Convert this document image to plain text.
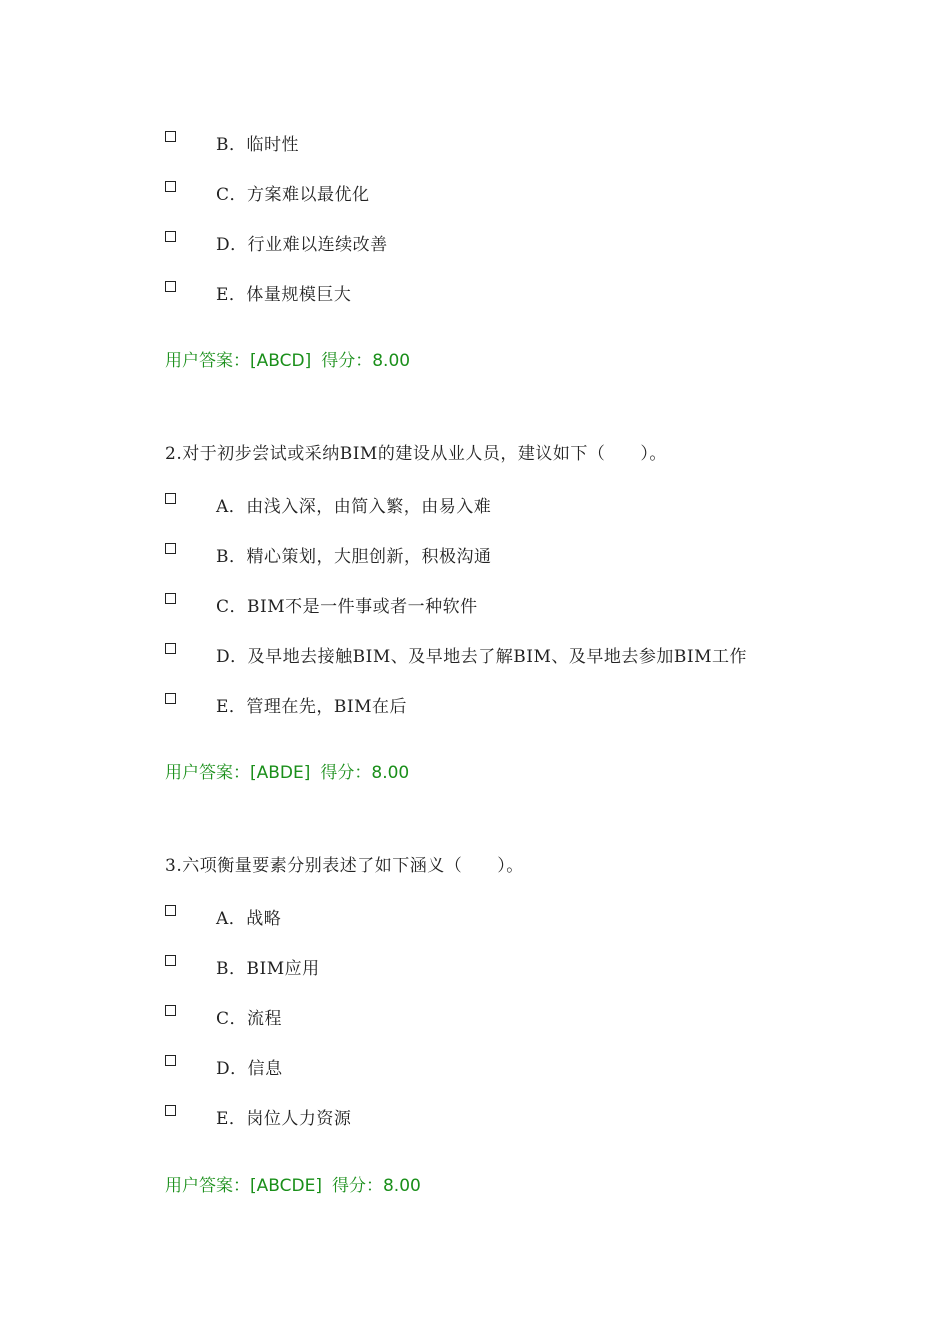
B．临时性
C．方案难以最优化
D．行业难以连续改善
E．体量规模巨大
用户答案：[ABCD] 得分：8.00
2.对于初步尝试或采纳BIM的建设从业人员，建议如下（　　）。
A．由浅入深，由简入繁，由易入难
B．精心策划，大胆创新，积极沟通
C．BIM不是一件事或者一种软件
D．及早地去接触BIM、及早地去了解BIM、及早地去参加BIM工作
E．管理在先，BIM在后
用户答案：[ABDE] 得分：8.00
3.六项衡量要素分别表述了如下涵义（　　）。
A．战略
B．BIM应用
C．流程
D．信息
E．岗位人力资源
用户答案：[ABCDE] 得分：8.00
